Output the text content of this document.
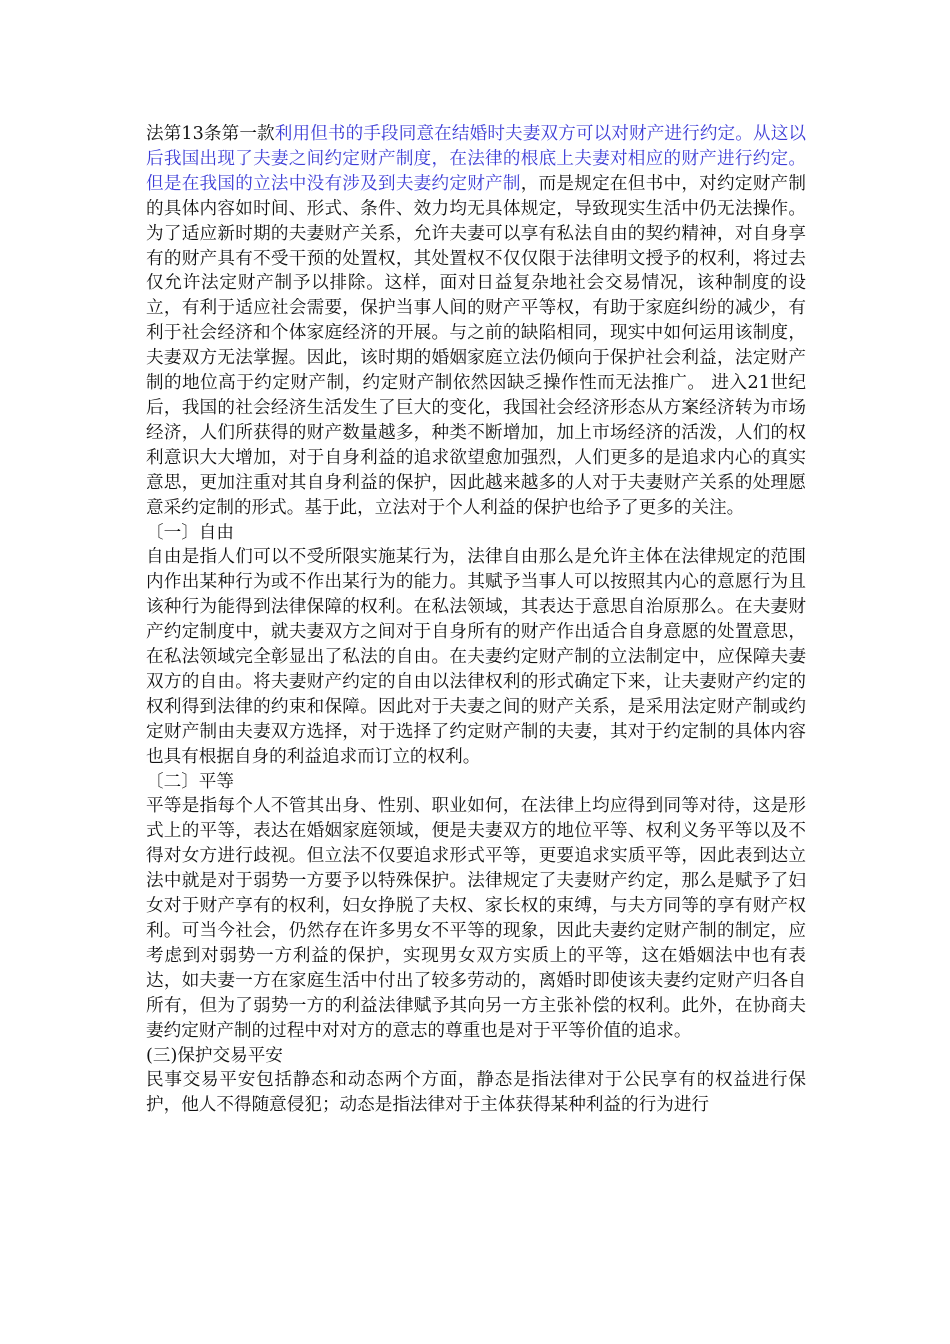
法第13条第一款利用但书的手段同意在结婚时夫妻双方可以对财产进行约定。从这以后我国出现了夫妻之间约定财产制度，在法律的根底上夫妻对相应的财产进行约定。但是在我国的立法中没有涉及到夫妻约定财产制，而是规定在但书中，对约定财产制的具体内容如时间、形式、条件、效力均无具体规定，导致现实生活中仍无法操作。为了适应新时期的夫妻财产关系，允许夫妻可以享有私法自由的契约精神，对自身享有的财产具有不受干预的处置权，其处置权不仅仅限于法律明文授予的权利，将过去仅允许法定财产制予以排除。这样，面对日益复杂地社会交易情况，该种制度的设立，有利于适应社会需要，保护当事人间的财产平等权，有助于家庭纠纷的减少，有利于社会经济和个体家庭经济的开展。与之前的缺陷相同，现实中如何运用该制度，夫妻双方无法掌握。因此，该时期的婚姻家庭立法仍倾向于保护社会利益，法定财产制的地位高于约定财产制，约定财产制依然因缺乏操作性而无法推广。 进入21世纪后，我国的社会经济生活发生了巨大的变化，我国社会经济形态从方案经济转为市场经济，人们所获得的财产数量越多，种类不断增加，加上市场经济的活泼，人们的权利意识大大增加，对于自身利益的追求欲望愈加强烈，人们更多的是追求内心的真实意思，更加注重对其自身利益的保护，因此越来越多的人对于夫妻财产关系的处理愿意采约定制的形式。基于此，立法对于个人利益的保护也给予了更多的关注。

〔一〕自由

自由是指人们可以不受所限实施某行为，法律自由那么是允许主体在法律规定的范围内作出某种行为或不作出某行为的能力。其赋予当事人可以按照其内心的意愿行为且该种行为能得到法律保障的权利。在私法领域，其表达于意思自治原那么。在夫妻财产约定制度中，就夫妻双方之间对于自身所有的财产作出适合自身意愿的处置意思，在私法领域完全彰显出了私法的自由。在夫妻约定财产制的立法制定中，应保障夫妻双方的自由。将夫妻财产约定的自由以法律权利的形式确定下来，让夫妻财产约定的权利得到法律的约束和保障。因此对于夫妻之间的财产关系，是采用法定财产制或约定财产制由夫妻双方选择，对于选择了约定财产制的夫妻，其对于约定制的具体内容也具有根据自身的利益追求而订立的权利。

〔二〕平等

平等是指每个人不管其出身、性别、职业如何，在法律上均应得到同等对待，这是形式上的平等，表达在婚姻家庭领域，便是夫妻双方的地位平等、权利义务平等以及不得对女方进行歧视。但立法不仅要追求形式平等，更要追求实质平等，因此表到达立法中就是对于弱势一方要予以特殊保护。法律规定了夫妻财产约定，那么是赋予了妇女对于财产享有的权利，妇女挣脱了夫权、家长权的束缚，与夫方同等的享有财产权利。可当今社会，仍然存在许多男女不平等的现象，因此夫妻约定财产制的制定，应考虑到对弱势一方利益的保护，实现男女双方实质上的平等，这在婚姻法中也有表达，如夫妻一方在家庭生活中付出了较多劳动的，离婚时即使该夫妻约定财产归各自所有，但为了弱势一方的利益法律赋予其向另一方主张补偿的权利。此外，在协商夫妻约定财产制的过程中对对方的意志的尊重也是对于平等价值的追求。

(三)保护交易平安

民事交易平安包括静态和动态两个方面，静态是指法律对于公民享有的权益进行保护，他人不得随意侵犯；动态是指法律对于主体获得某种利益的行为进行
